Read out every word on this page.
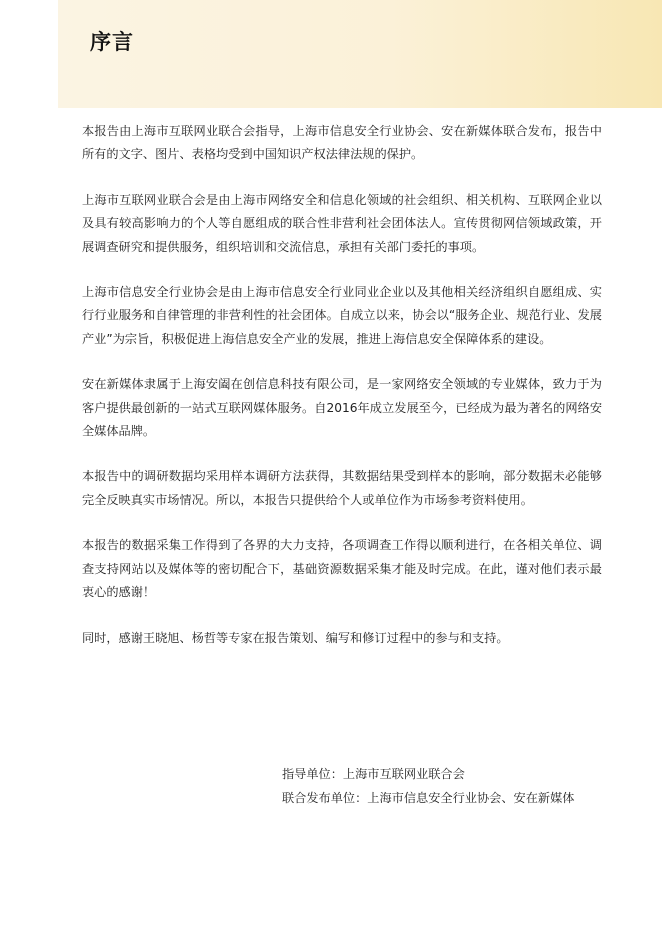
序言

本报告由上海市互联网业联合会指导，上海市信息安全行业协会、安在新媒体联合发布，报告中所有的文字、图片、表格均受到中国知识产权法律法规的保护。

上海市互联网业联合会是由上海市网络安全和信息化领域的社会组织、相关机构、互联网企业以及具有较高影响力的个人等自愿组成的联合性非营利社会团体法人。宣传贯彻网信领域政策，开展调查研究和提供服务，组织培训和交流信息，承担有关部门委托的事项。

上海市信息安全行业协会是由上海市信息安全行业同业企业以及其他相关经济组织自愿组成、实行行业服务和自律管理的非营利性的社会团体。自成立以来，协会以“服务企业、规范行业、发展产业”为宗旨，积极促进上海信息安全产业的发展，推进上海信息安全保障体系的建设。

安在新媒体隶属于上海安阖在创信息科技有限公司，是一家网络安全领域的专业媒体，致力于为客户提供最创新的一站式互联网媒体服务。自2016年成立发展至今，已经成为最为著名的网络安全媒体品牌。

本报告中的调研数据均采用样本调研方法获得，其数据结果受到样本的影响，部分数据未必能够完全反映真实市场情况。所以，本报告只提供给个人或单位作为市场参考资料使用。

本报告的数据采集工作得到了各界的大力支持，各项调查工作得以顺利进行，在各相关单位、调查支持网站以及媒体等的密切配合下，基础资源数据采集才能及时完成。在此，谨对他们表示最衷心的感谢！

同时，感谢王晓旭、杨哲等专家在报告策划、编写和修订过程中的参与和支持。

指导单位：上海市互联网业联合会
联合发布单位：上海市信息安全行业协会、安在新媒体
